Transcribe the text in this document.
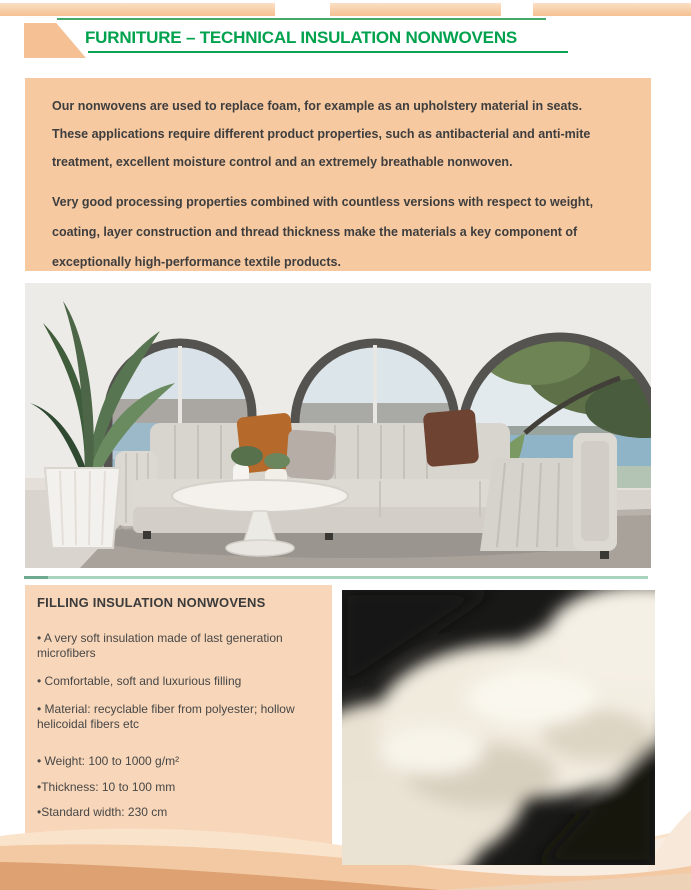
FURNITURE – TECHNICAL INSULATION NONWOVENS

Our nonwovens are used to replace foam, for example as an upholstery material in seats.
These applications require different product properties, such as antibacterial and anti-mite
treatment, excellent moisture control and an extremely breathable nonwoven.

Very good processing properties combined with countless versions with respect to weight,
coating, layer construction and thread thickness make the materials a key component of
exceptionally high-performance textile products.

FILLING INSULATION NONWOVENS

• A very soft insulation made of last generation
microfibers

• Comfortable, soft and luxurious filling

• Material: recyclable fiber from polyester; hollow
helicoidal fibers etc

• Weight: 100 to 1000 g/m²

•Thickness: 10 to 100 mm

•Standard width: 230 cm
